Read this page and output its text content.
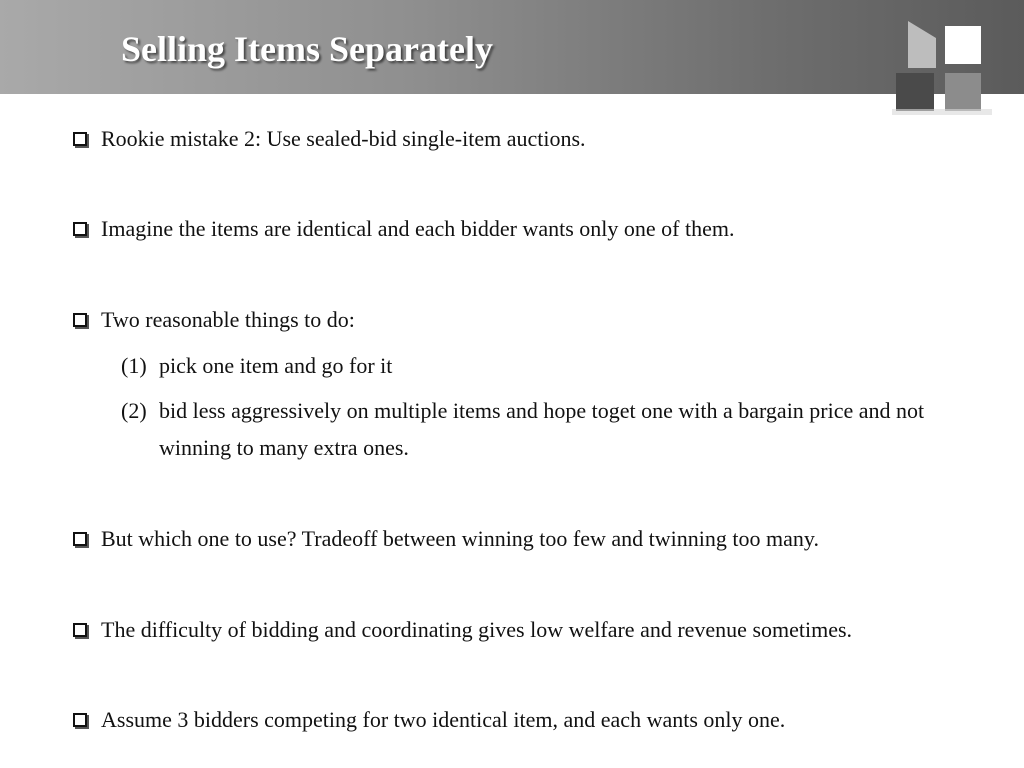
Selling Items Separately
Rookie mistake 2: Use sealed-bid single-item auctions.
Imagine the items are identical and each bidder wants only one of them.
Two reasonable things to do:
(1) pick one item and go for it
(2) bid less aggressively on multiple items and hope toget one with a bargain price and not winning to many extra ones.
But which one to use? Tradeoff between winning too few and twinning too many.
The difficulty of bidding and coordinating gives low welfare and revenue sometimes.
Assume 3 bidders competing for two identical item, and each wants only one.
